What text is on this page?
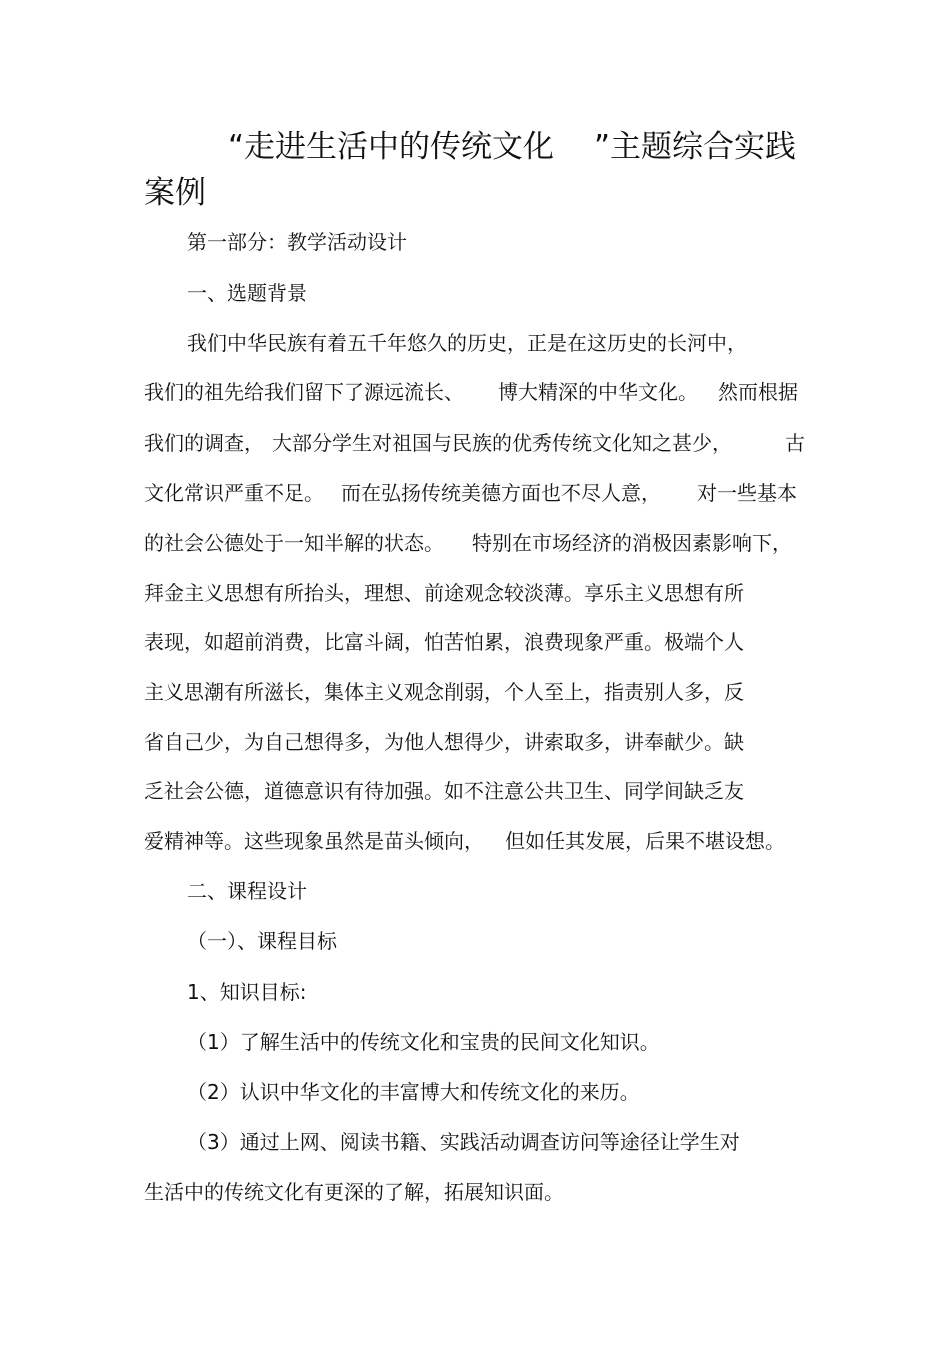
“走进生活中的传统文化 ”主题综合实践
案例
第一部分：教学活动设计
一、选题背景
我们中华民族有着五千年悠久的历史，正是在这历史的长河中，
我们的祖先给我们留下了源远流长、 博大精深的中华文化。 然而根据
我们的调查， 大部分学生对祖国与民族的优秀传统文化知之甚少，	古
文化常识严重不足。 而在弘扬传统美德方面也不尽人意， 对一些基本
的社会公德处于一知半解的状态。 特别在市场经济的消极因素影响下，
拜金主义思想有所抬头，理想、前途观念较淡薄。享乐主义思想有所
表现，如超前消费，比富斗阔，怕苦怕累，浪费现象严重。极端个人
主义思潮有所滋长，集体主义观念削弱，个人至上，指责别人多，反
省自己少，为自己想得多，为他人想得少，讲索取多，讲奉献少。缺
乏社会公德，道德意识有待加强。如不注意公共卫生、同学间缺乏友
爱精神等。这些现象虽然是苗头倾向， 但如任其发展，后果不堪设想。
二、课程设计
（一）、课程目标
1、知识目标:
（1）了解生活中的传统文化和宝贵的民间文化知识。
（2）认识中华文化的丰富博大和传统文化的来历。
（3）通过上网、阅读书籍、实践活动调查访问等途径让学生对
生活中的传统文化有更深的了解，拓展知识面。
